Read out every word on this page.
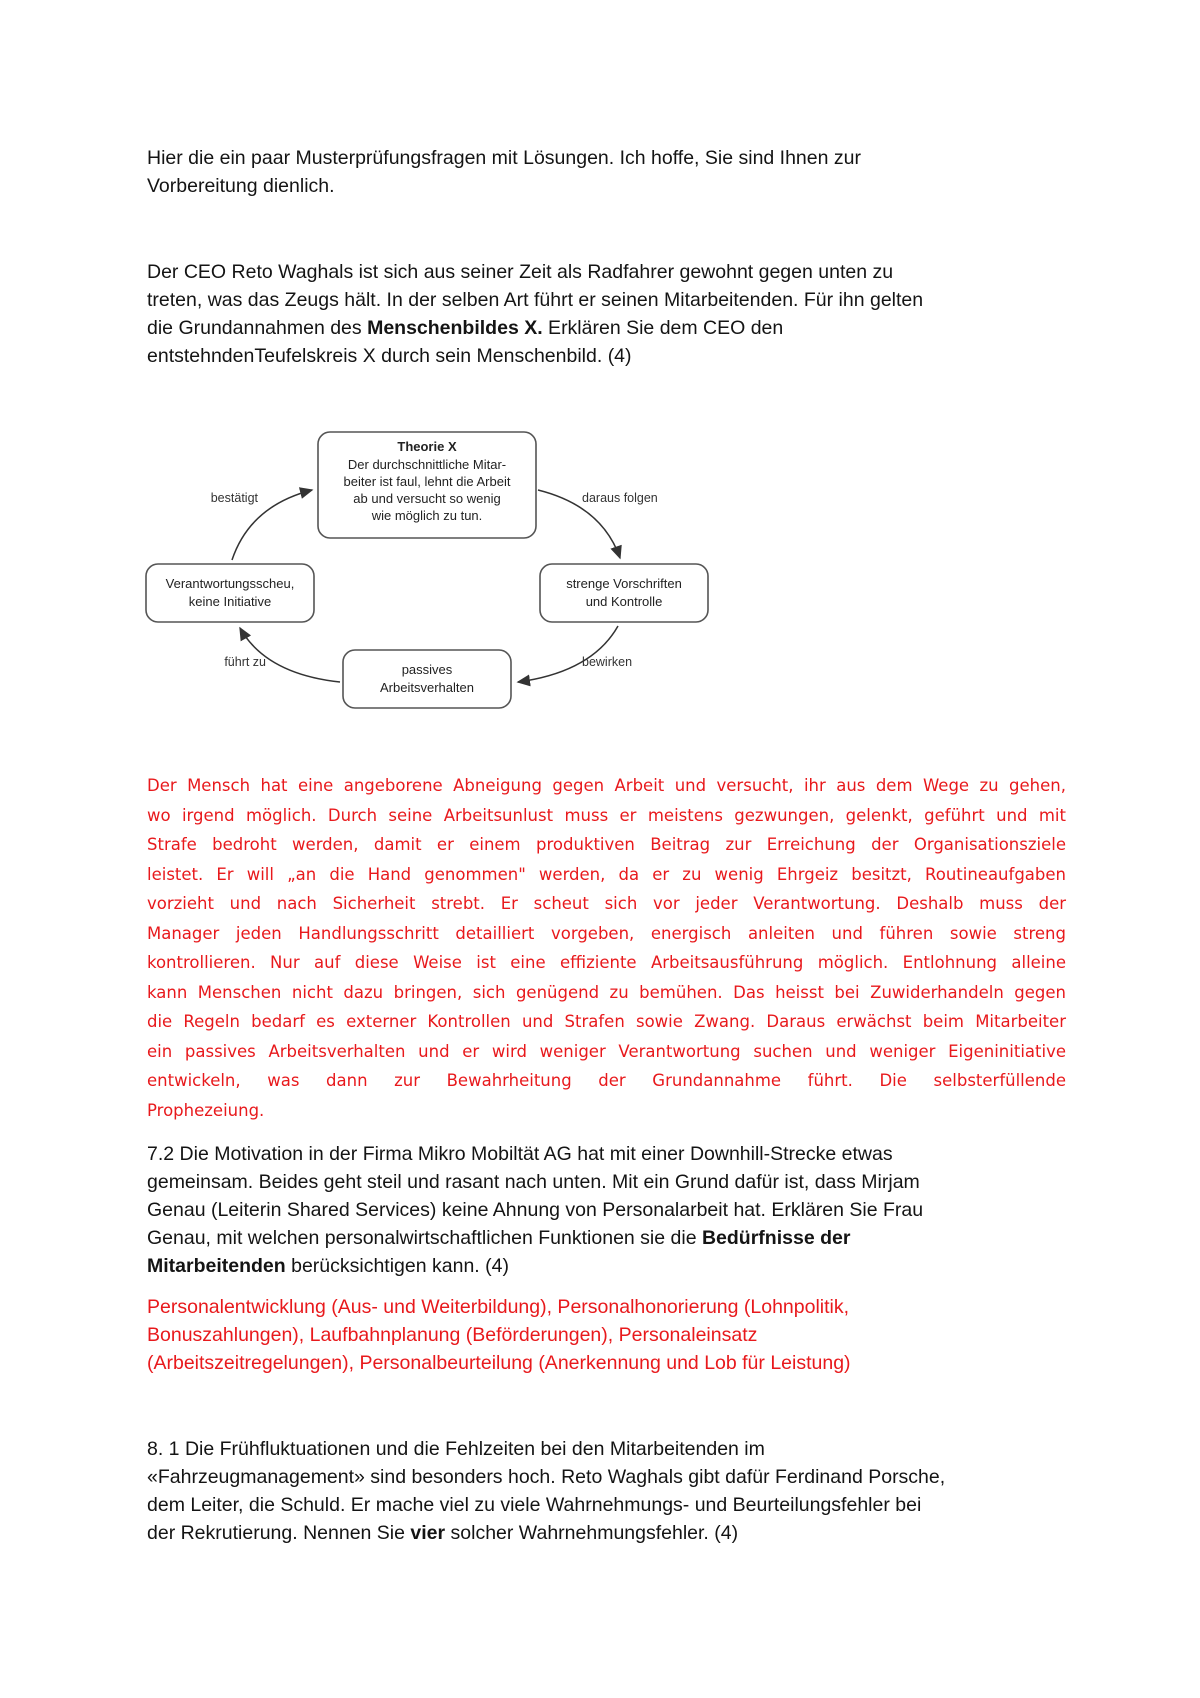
Hier die ein paar Musterprüfungsfragen mit Lösungen. Ich hoffe, Sie sind Ihnen zur
Vorbereitung dienlich.

Der CEO Reto Waghals ist sich aus seiner Zeit als Radfahrer gewohnt gegen unten zu
treten, was das Zeugs hält. In der selben Art führt er seinen Mitarbeitenden. Für ihn gelten
die Grundannahmen des Menschenbildes X. Erklären Sie dem CEO den
entstehndenTeufelskreis X durch sein Menschenbild. (4)

Theorie X
Der durchschnittliche Mitar-
beiter ist faul, lehnt die Arbeit
ab und versucht so wenig
wie möglich zu tun.
strenge Vorschriften
und Kontrolle
passives
Arbeitsverhalten
Verantwortungsscheu,
keine Initiative
bestätigt	daraus folgen
bewirken
führt zu
Der Mensch hat eine angeborene Abneigung gegen Arbeit und versucht, ihr aus dem Wege zu gehen,
wo irgend möglich. Durch seine Arbeitsunlust muss er meistens gezwungen, gelenkt, geführt und mit
Strafe bedroht werden, damit er einem produktiven Beitrag zur Erreichung der Organisationsziele
leistet. Er will „an die Hand genommen" werden, da er zu wenig Ehrgeiz besitzt, Routineaufgaben
vorzieht und nach Sicherheit strebt. Er scheut sich vor jeder Verantwortung. Deshalb muss der
Manager jeden Handlungsschritt detailliert vorgeben, energisch anleiten und führen sowie streng
kontrollieren. Nur auf diese Weise ist eine effiziente Arbeitsausführung möglich. Entlohnung alleine
kann Menschen nicht dazu bringen, sich genügend zu bemühen. Das heisst bei Zuwiderhandeln gegen
die Regeln bedarf es externer Kontrollen und Strafen sowie Zwang. Daraus erwächst beim Mitarbeiter
ein passives Arbeitsverhalten und er wird weniger Verantwortung suchen und weniger Eigeninitiative
entwickeln, was dann zur Bewahrheitung der Grundannahme führt. Die selbsterfüllende
Prophezeiung.

7.2 Die Motivation in der Firma Mikro Mobiltät AG hat mit einer Downhill-Strecke etwas
gemeinsam. Beides geht steil und rasant nach unten. Mit ein Grund dafür ist, dass Mirjam
Genau (Leiterin Shared Services) keine Ahnung von Personalarbeit hat. Erklären Sie Frau
Genau, mit welchen personalwirtschaftlichen Funktionen sie die Bedürfnisse der
Mitarbeitenden berücksichtigen kann. (4)

Personalentwicklung (Aus- und Weiterbildung), Personalhonorierung (Lohnpolitik,
Bonuszahlungen), Laufbahnplanung (Beförderungen), Personaleinsatz
(Arbeitszeitregelungen), Personalbeurteilung (Anerkennung und Lob für Leistung)

8. 1 Die Frühfluktuationen und die Fehlzeiten bei den Mitarbeitenden im
«Fahrzeugmanagement» sind besonders hoch. Reto Waghals gibt dafür Ferdinand Porsche,
dem Leiter, die Schuld. Er mache viel zu viele Wahrnehmungs- und Beurteilungsfehler bei
der Rekrutierung. Nennen Sie vier solcher Wahrnehmungsfehler. (4)
